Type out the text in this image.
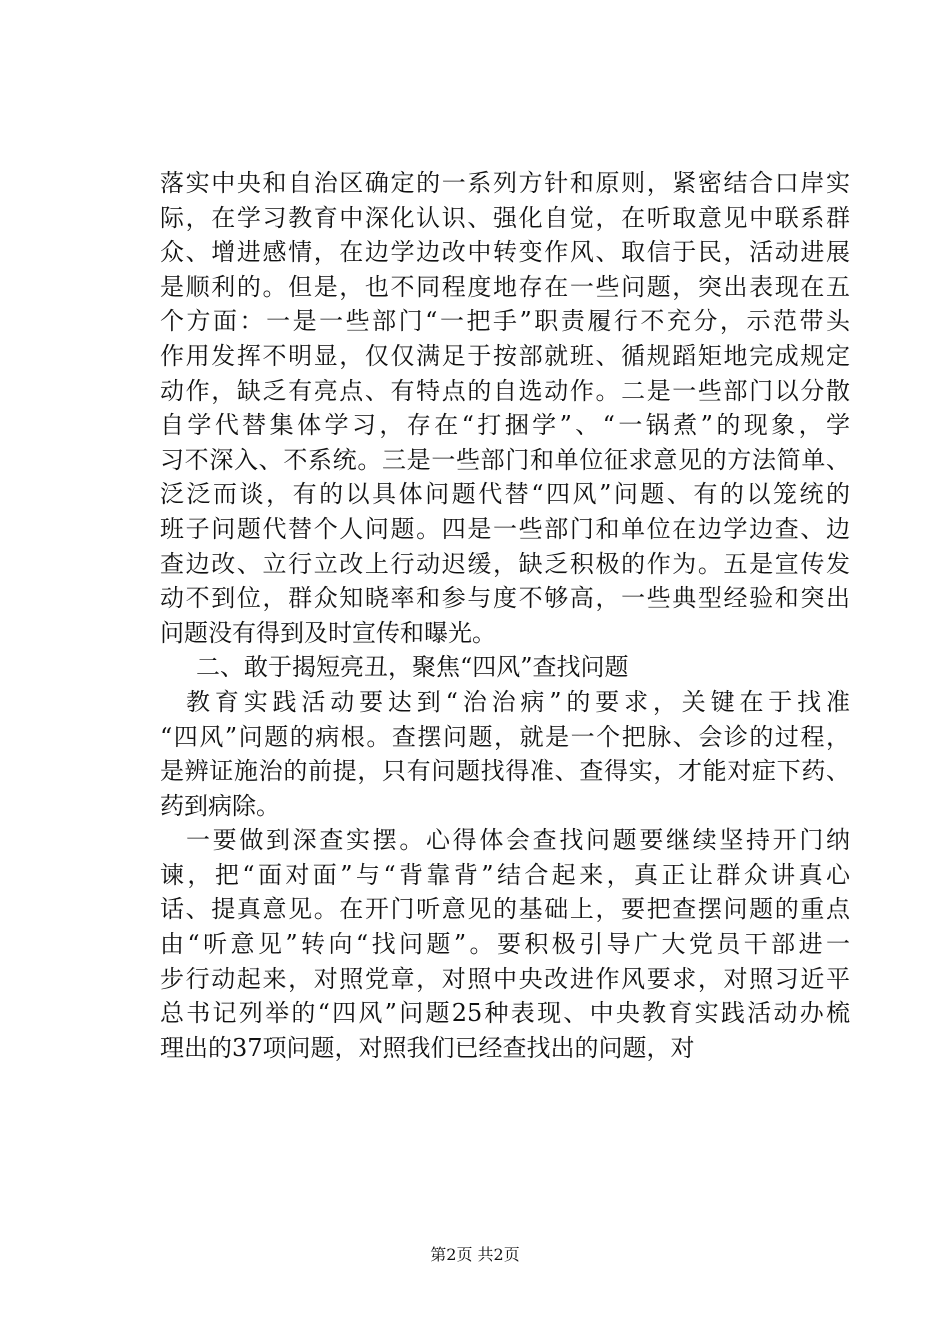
落实中央和自治区确定的一系列方针和原则，紧密结合口岸实
际，在学习教育中深化认识、强化自觉，在听取意见中联系群
众、增进感情，在边学边改中转变作风、取信于民，活动进展
是顺利的。但是，也不同程度地存在一些问题，突出表现在五
个方面：一是一些部门“一把手”职责履行不充分，示范带头
作用发挥不明显，仅仅满足于按部就班、循规蹈矩地完成规定
动作，缺乏有亮点、有特点的自选动作。二是一些部门以分散
自学代替集体学习，存在“打捆学”、“一锅煮”的现象，学
习不深入、不系统。三是一些部门和单位征求意见的方法简单、
泛泛而谈，有的以具体问题代替“四风”问题、有的以笼统的
班子问题代替个人问题。四是一些部门和单位在边学边查、边
查边改、立行立改上行动迟缓，缺乏积极的作为。五是宣传发
动不到位，群众知晓率和参与度不够高，一些典型经验和突出
问题没有得到及时宣传和曝光。
二、敢于揭短亮丑，聚焦“四风”查找问题
教育实践活动要达到“治治病”的要求，关键在于找准
“四风”问题的病根。查摆问题，就是一个把脉、会诊的过程，
是辨证施治的前提，只有问题找得准、查得实，才能对症下药、
药到病除。
一要做到深查实摆。心得体会查找问题要继续坚持开门纳
谏，把“面对面”与“背靠背”结合起来，真正让群众讲真心
话、提真意见。在开门听意见的基础上，要把查摆问题的重点
由“听意见”转向“找问题”。要积极引导广大党员干部进一
步行动起来，对照党章，对照中央改进作风要求，对照习近平
总书记列举的“四风”问题25种表现、中央教育实践活动办梳
理出的37项问题，对照我们已经查找出的问题，对
第2页 共2页
